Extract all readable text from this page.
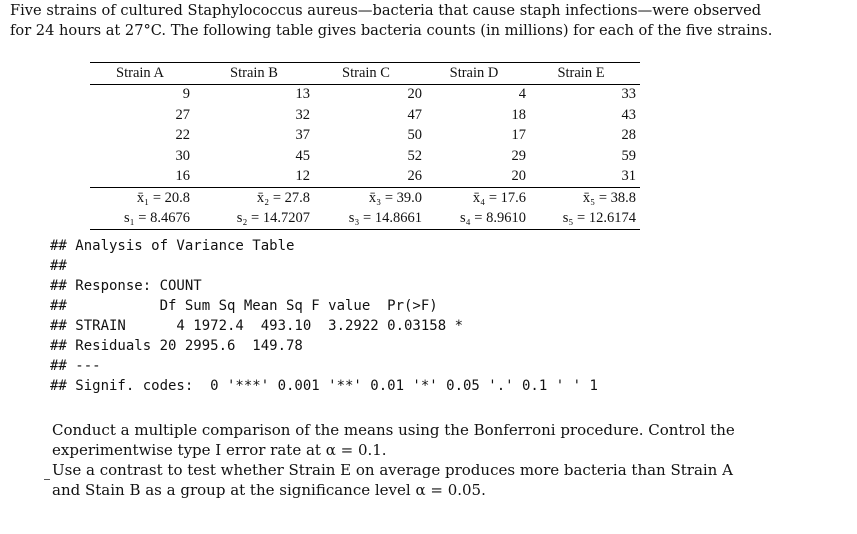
Five strains of cultured Staphylococcus aureus—bacteria that cause staph infections—were observed

for 24 hours at 27°C. The following table gives bacteria counts (in millions) for each of the five strains.

Strain A	Strain B	Strain C	Strain D	Strain E
9	13	20	4	33
27	32	47	18	43
22	37	50	17	28
30	45	52	29	59
16	12	26	20	31
x̄₁ = 20.8	x̄₂ = 27.8	x̄₃ = 39.0	x̄₄ = 17.6	x̄₅ = 38.8
s₁ = 8.4676	s₂ = 14.7207	s₃ = 14.8661	s₄ = 8.9610	s₅ = 12.6174
## Analysis of Variance Table
##
## Response: COUNT
##           Df Sum Sq Mean Sq F value  Pr(>F)
## STRAIN      4 1972.4  493.10  3.2922 0.03158 *
## Residuals 20 2995.6  149.78
## ---
## Signif. codes:  0 '***' 0.001 '**' 0.01 '*' 0.05 '.' 0.1 ' ' 1

Conduct a multiple comparison of the means using the Bonferroni procedure. Control the experimentwise type I error rate at α = 0.1.

Use a contrast to test whether Strain E on average produces more bacteria than Strain A and Stain B as a group at the significance level α = 0.05.
